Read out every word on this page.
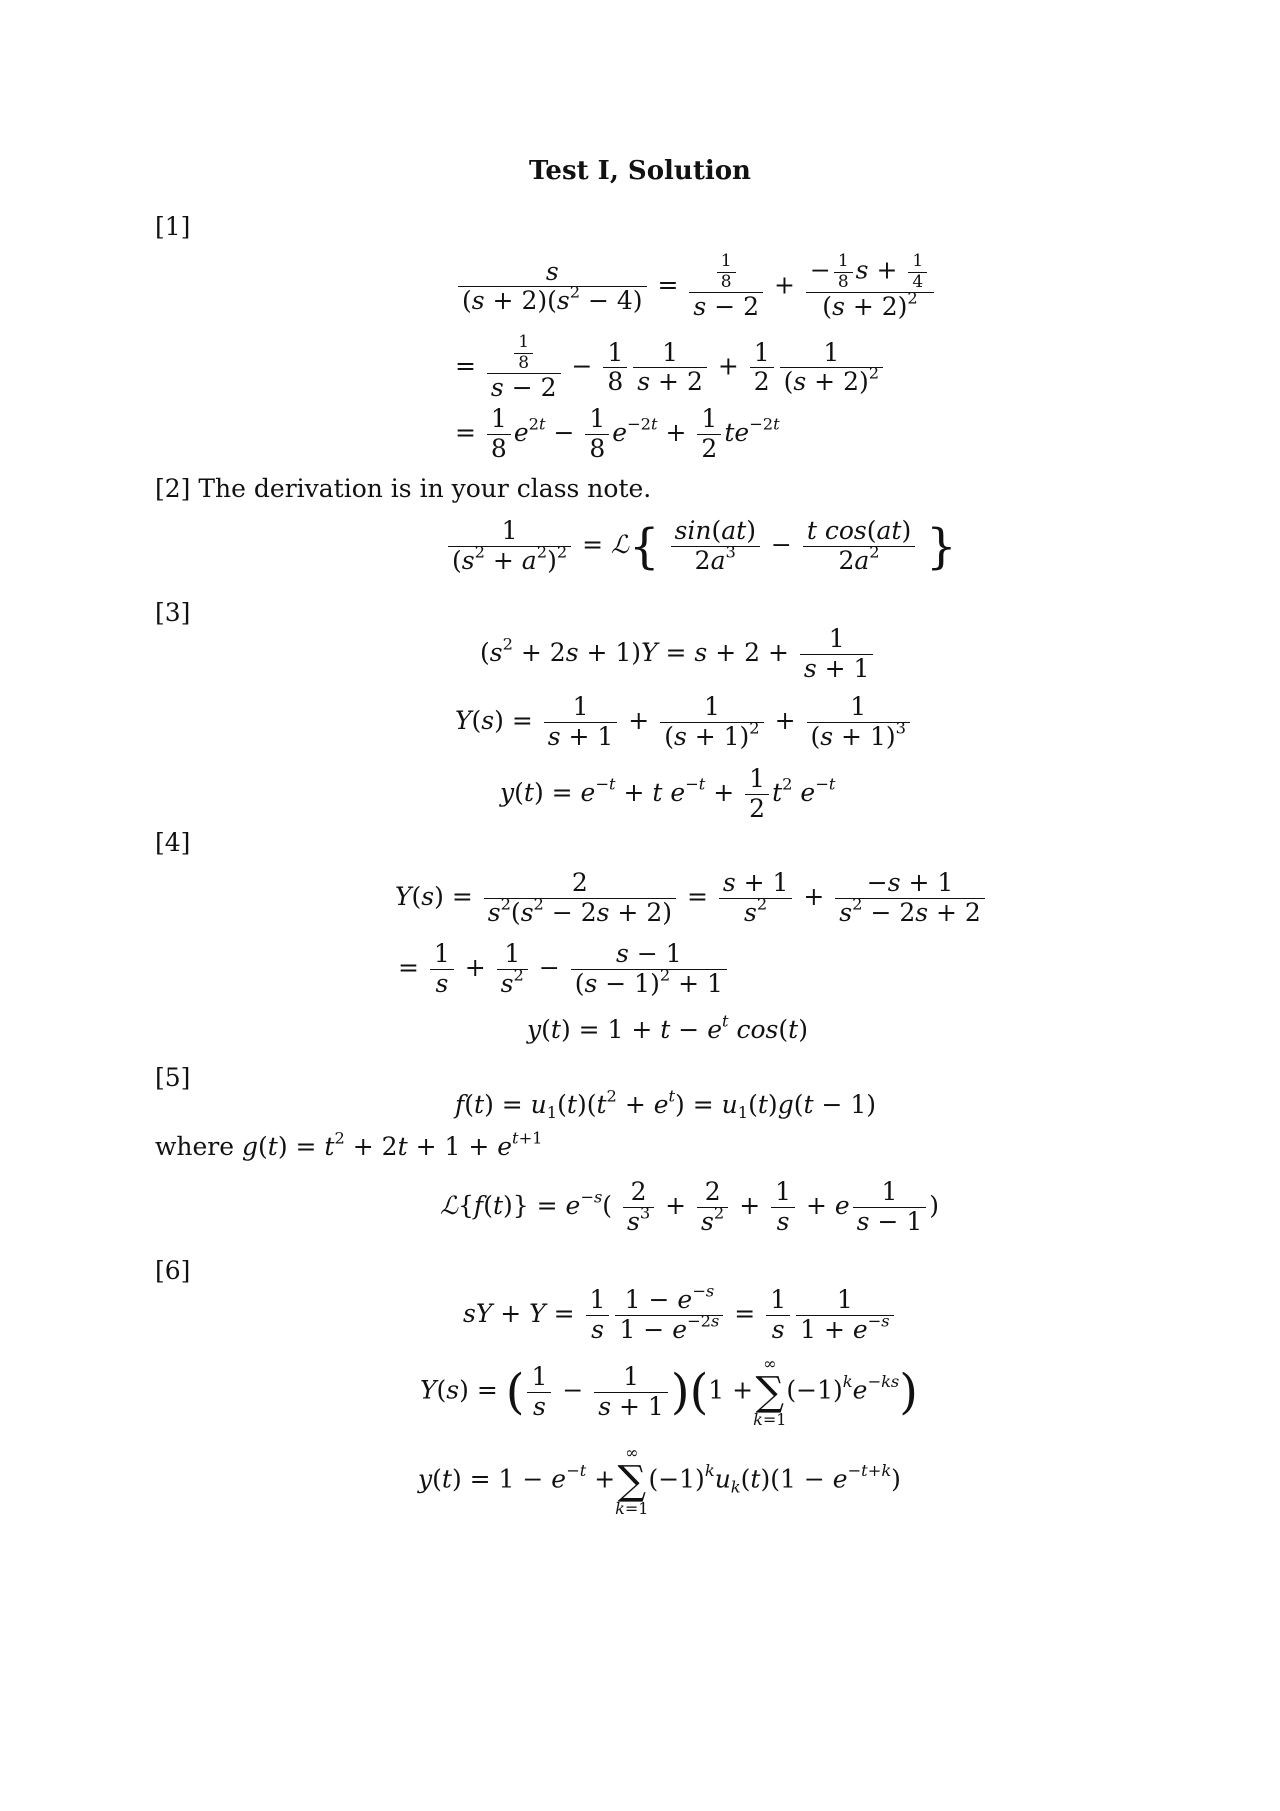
Test I, Solution
[1]
$\frac{s}{(s + 2)(s^2 - 4)} = \frac{\frac{1}{8}}{s - 2} + \frac{- \frac{1}{8} s + \frac{1}{4}}{(s + 2)^2}$
= $\frac{\frac{1}{8}}{s - 2} - \frac{1}{8} \frac{1}{s + 2} + \frac{1}{2} \frac{1}{(s + 2)^2}$
= $\frac{1}{8} e^{2t} - \frac{1}{8} e^{-2t} + \frac{1}{2} te^{-2t}$
[2] The derivation is in your class note.
$\frac{1}{(s^2 + a^2)^2}$ = ℒ{ $\frac{\sin(at)}{2a^3} - \frac{\text{t cos(at)}}{2a^2}$ }
[3]
$(s^2 + 2s + 1)Y = s + 2 + \frac{1}{s + 1}$
$Y(s) = \frac{1}{s + 1} + \frac{1}{(s + 1)^2} + \frac{1}{(s + 1)^3}$
$y(t) = e^{-t} + t$ $e^{-t} + \frac{1}{2} t^2$ $e^{-t}$
[4]
$Y(s) = \frac{2}{s^2(s^2 - 2s + 2)} = \frac{s + 1}{s^2} + \frac{-s + 1}{s^2 - 2s + 2}$
= $\frac{1}{s} + \frac{1}{s^2} - \frac{s - 1}{(s - 1)^2 + 1}$
$y(t) = 1 + t - e^t$ cos(t)
[5]
$f(t) = u_1(t)(t^2 + e^t) = u_1(t)g(t - 1)$
where $g(t) = t^2 + 2t + 1 + e^{t+1}$
ℒ{f(t)} = $e^{-s}( \frac{2}{s^3} + \frac{2}{s^2} + \frac{1}{s} + e \frac{1}{s - 1}$ )
[6]
sY + $Y = \frac{1}{s} \frac{1 - e^{-s}}{1 - e^{-2s}} = \frac{1}{s} \frac{1}{1 + e^{-s}}$
Y(s) = ( $\frac{1}{s} - \frac{1}{s + 1} )(1$ +
∞
∑
k=1
$(-1)^ke^{-ks}$)
$y(t) = 1 - e^{-t}$ +
∞
∑
k=1
$(-1)^ku_k(t)(1 - e^{-t+k})$
